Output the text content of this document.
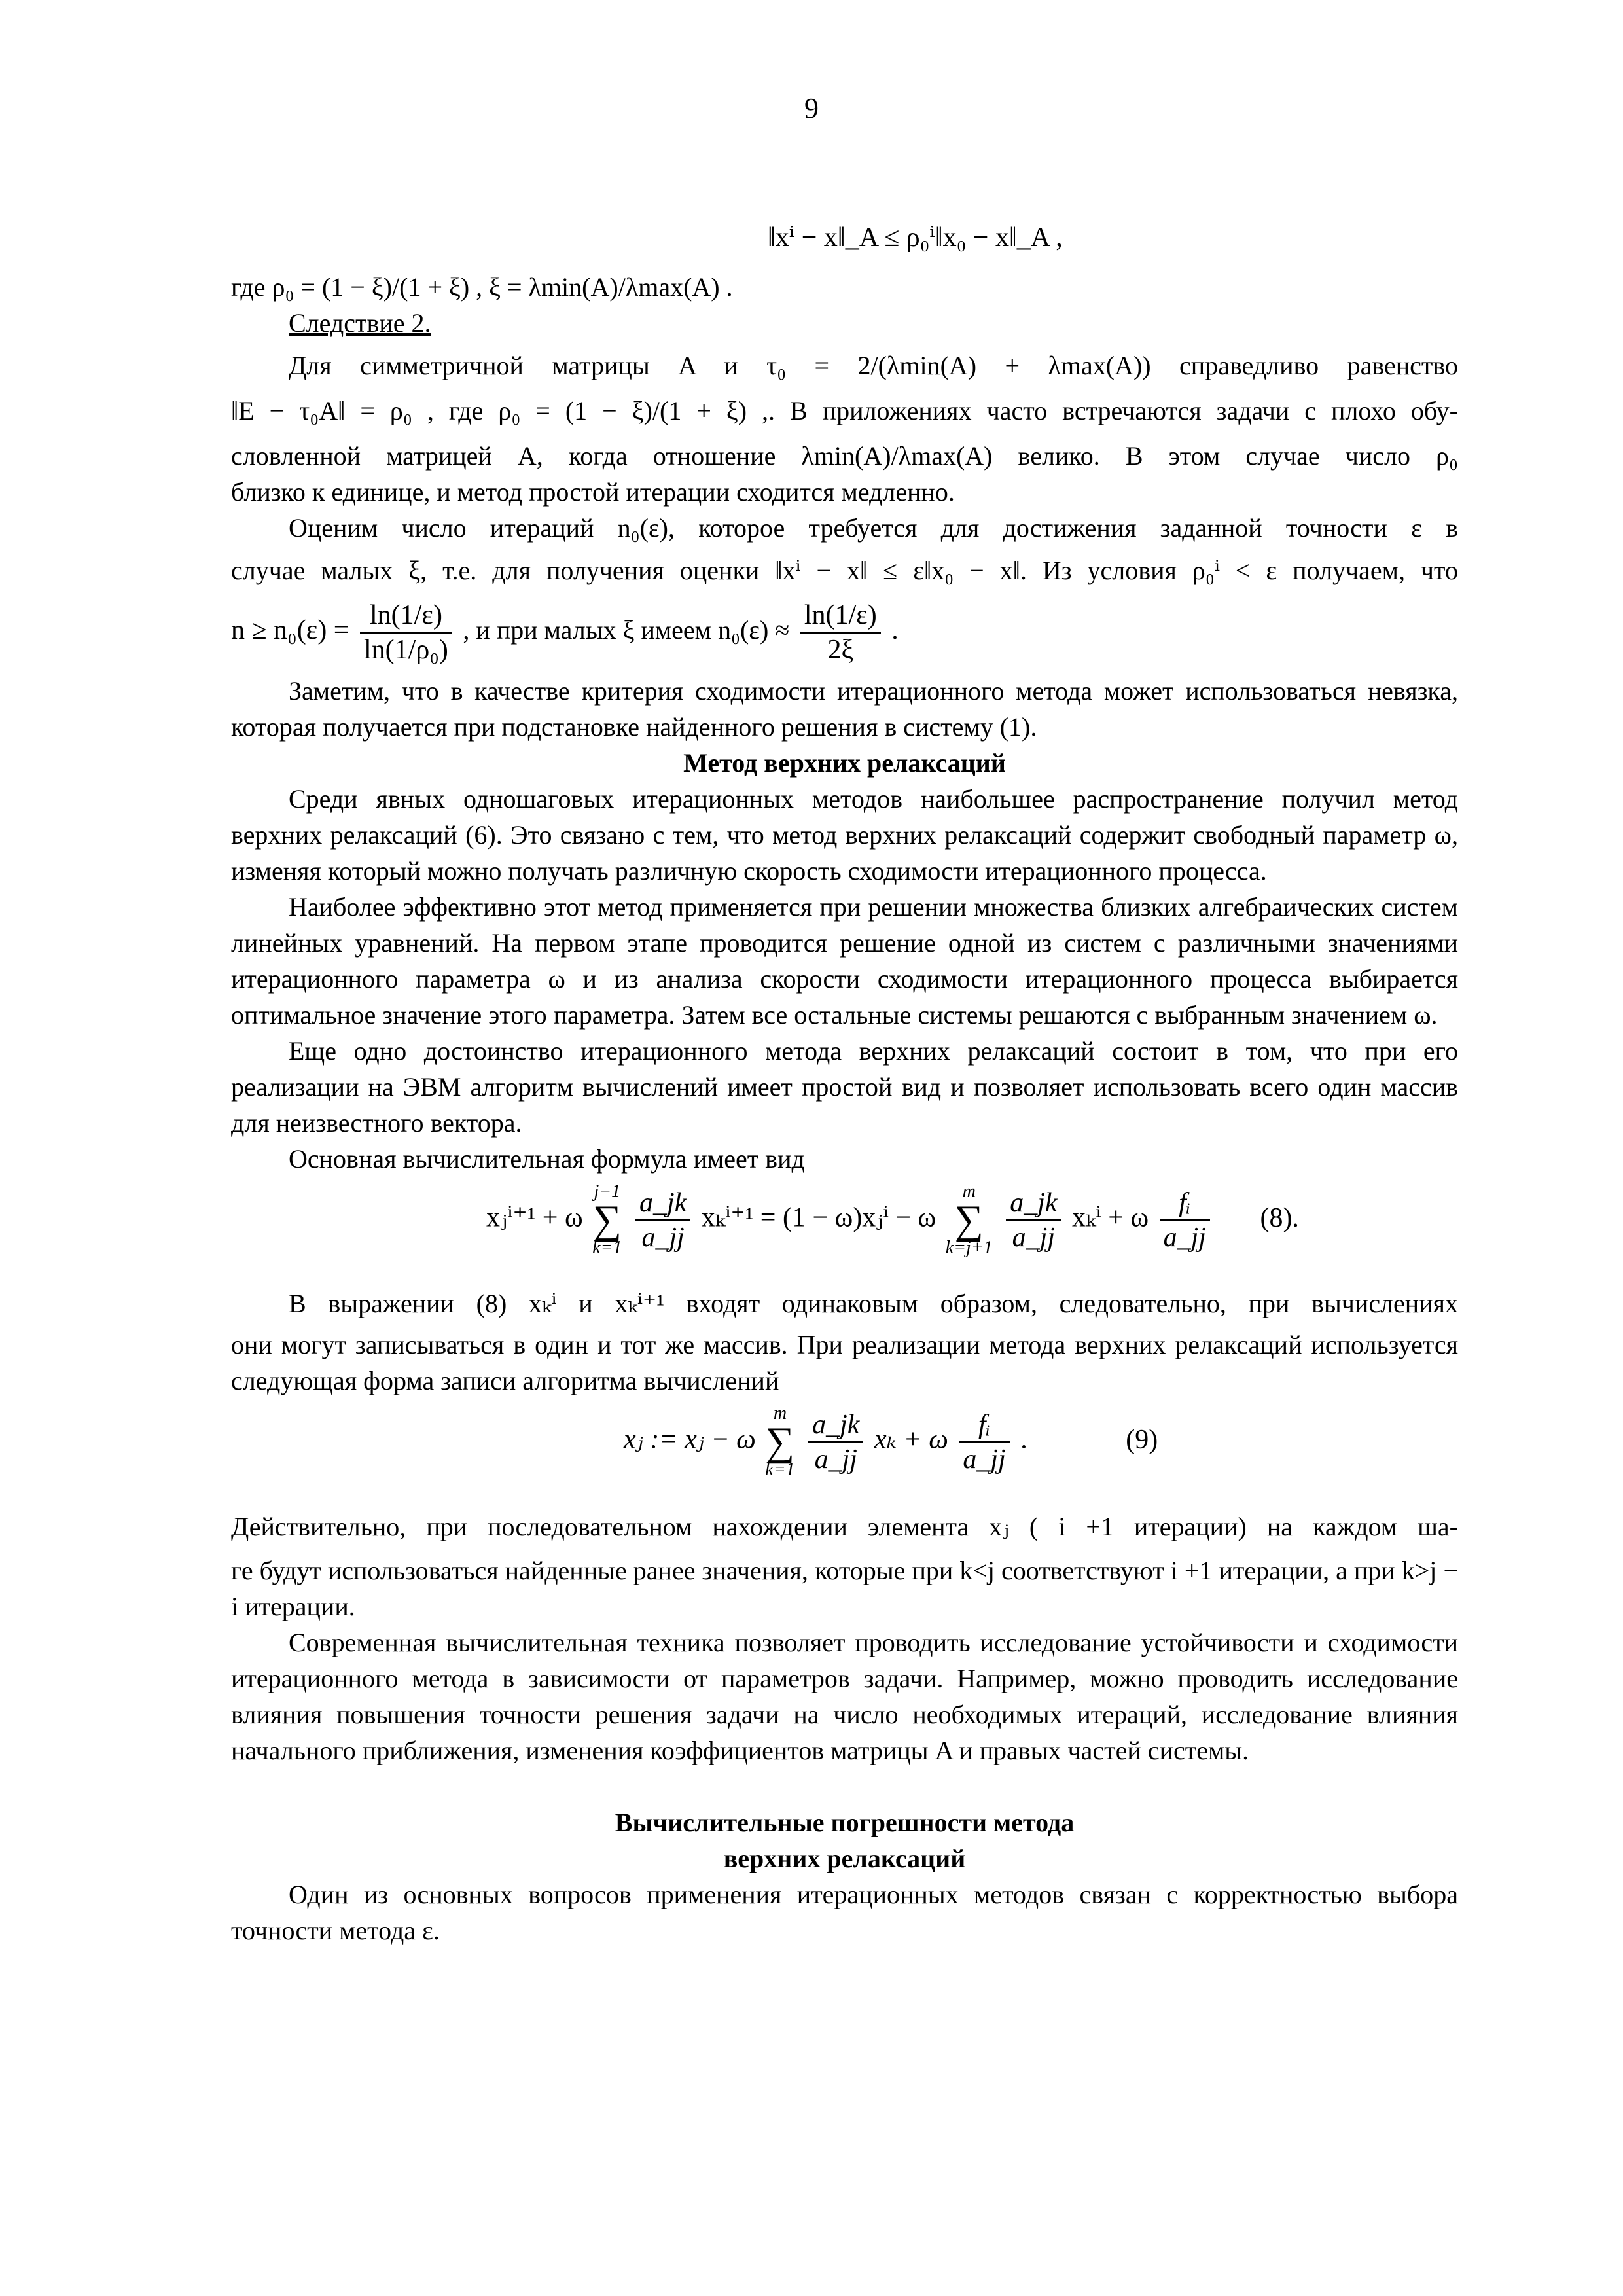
9
‖xⁱ − x‖_A ≤ ρ₀ⁱ‖x₀ − x‖_A ,

где ρ₀ = (1 − ξ)/(1 + ξ) , ξ = λmin(A)/λmax(A) .

Следствие 2.

Для симметричной матрицы A и τ₀ = 2/(λmin(A) + λmax(A)) справедливо равенство

‖E − τ₀A‖ = ρ₀ , где ρ₀ = (1 − ξ)/(1 + ξ) ,. В приложениях часто встречаются задачи с плохо обу-

словленной матрицей A, когда отношение λmin(A)/λmax(A) велико. В этом случае число ρ₀

близко к единице, и метод простой итерации сходится медленно.

Оценим число итераций n₀(ε), которое требуется для достижения заданной точности ε в

случае малых ξ, т.е. для получения оценки ‖xⁱ − x‖ ≤ ε‖x₀ − x‖. Из условия ρ₀ⁱ < ε получаем, что

$n \ge n_0(\varepsilon) = \frac{\ln(1/\varepsilon)}{\text{ln(1/ρ₀)}}$ , и при малых ξ имеем $n_0(\varepsilon) \approx \frac{\ln(1/\varepsilon)}{2\xi}$ .

Заметим, что в качестве критерия сходимости итерационного метода может использоваться невязка, которая получается при подстановке найденного решения в систему (1).

Метод верхних релаксаций

Среди явных одношаговых итерационных методов наибольшее распространение получил метод верхних релаксаций (6). Это связано с тем, что метод верхних релаксаций содержит свободный параметр ω, изменяя который можно получать различную скорость сходимости итерационного процесса.

Наиболее эффективно этот метод применяется при решении множества близких алгебраических систем линейных уравнений. На первом этапе проводится решение одной из систем с различными значениями итерационного параметра ω и из анализа скорости сходимости итерационного процесса выбирается оптимальное значение этого параметра. Затем все остальные системы решаются с выбранным значением ω.

Еще одно достоинство итерационного метода верхних релаксаций состоит в том, что при его реализации на ЭВМ алгоритм вычислений имеет простой вид и позволяет использовать всего один массив для неизвестного вектора.

Основная вычислительная формула имеет вид

xⱼⁱ⁺¹ + ω
j−1
∑
k=1
$\frac{a\_jk}{a\_jj} x_k^{i+1} = (1$ − ω)xⱼⁱ − ω
m
∑
k=j+1
$\frac{a\_jk}{a\_jj}$ xₖⁱ + ω $\frac{\text{fᵢ}}{a\_jj} (8)$.

В выражении (8) xₖⁱ и xₖⁱ⁺¹ входят одинаковым образом, следовательно, при вычислениях

они могут записываться в один и тот же массив. При реализации метода верхних релаксаций используется следующая форма записи алгоритма вычислений

xⱼ := xⱼ − ω
m
∑
k=1
$\frac{a\_jk}{a\_jj}$ xₖ + ω $\frac{\text{fᵢ}}{a\_jj}$ .	(9)

Действительно, при последовательном нахождении элемента xⱼ ( i +1 итерации) на каждом ша-

ге будут использоваться найденные ранее значения, которые при k<j соответствуют i +1 итерации, а при k>j − i итерации.

Современная вычислительная техника позволяет проводить исследование устойчивости и сходимости итерационного метода в зависимости от параметров задачи. Например, можно проводить исследование влияния повышения точности решения задачи на число необходимых итераций, исследование влияния начального приближения, изменения коэффициентов матрицы A и правых частей системы.

Вычислительные погрешности метода

верхних релаксаций

Один из основных вопросов применения итерационных методов связан с корректностью выбора точности метода ε.
